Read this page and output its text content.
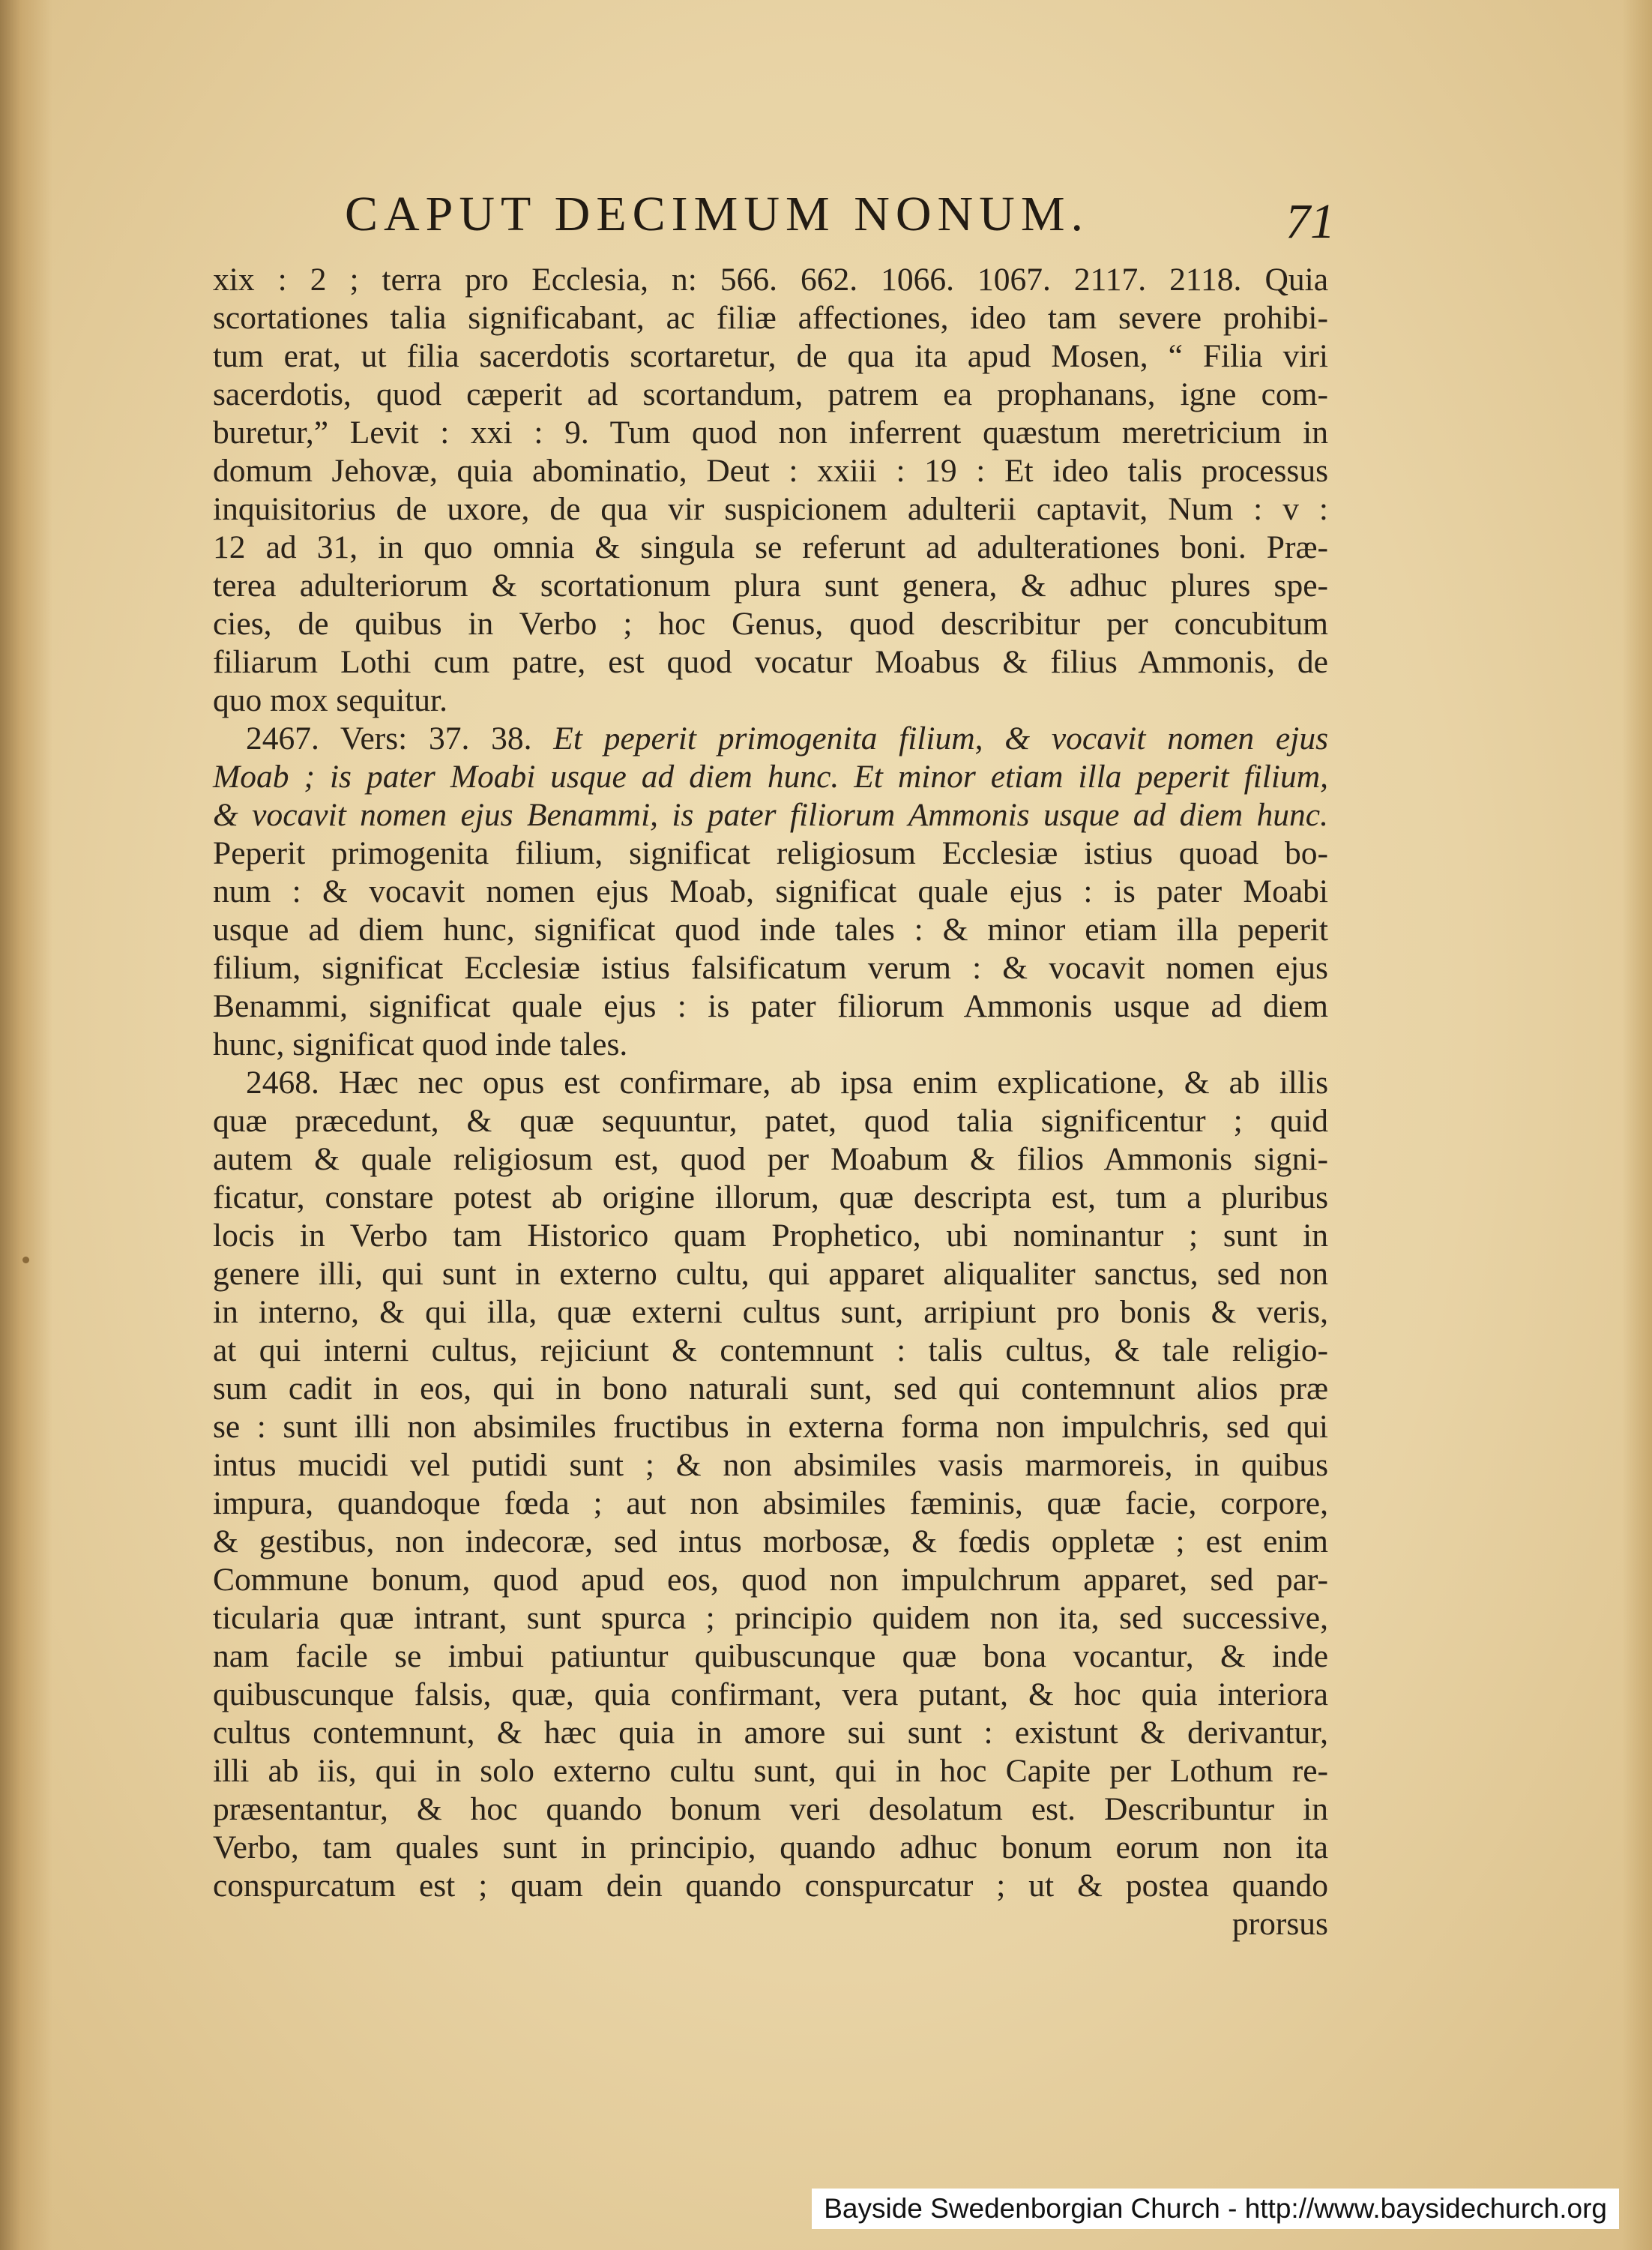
CAPUT DECIMUM NONUM.	71
xix : 2 ; terra pro Ecclesia, n: 566. 662. 1066. 1067. 2117. 2118. Quia
scortationes talia significabant, ac filiæ affectiones, ideo tam severe prohibi-
tum erat, ut filia sacerdotis scortaretur, de qua ita apud Mosen, “ Filia viri
sacerdotis, quod cæperit ad scortandum, patrem ea prophanans, igne com-
buretur,” Levit : xxi : 9. Tum quod non inferrent quæstum meretricium in
domum Jehovæ, quia abominatio, Deut : xxiii : 19 : Et ideo talis processus
inquisitorius de uxore, de qua vir suspicionem adulterii captavit, Num : v :
12 ad 31, in quo omnia & singula se referunt ad adulterationes boni. Præ-
terea adulteriorum & scortationum plura sunt genera, & adhuc plures spe-
cies, de quibus in Verbo ; hoc Genus, quod describitur per concubitum
filiarum Lothi cum patre, est quod vocatur Moabus & filius Ammonis, de
quo mox sequitur.
2467. Vers: 37. 38. Et peperit primogenita filium, & vocavit nomen ejus
Moab ; is pater Moabi usque ad diem hunc. Et minor etiam illa peperit filium,
& vocavit nomen ejus Benammi, is pater filiorum Ammonis usque ad diem hunc.
Peperit primogenita filium, significat religiosum Ecclesiæ istius quoad bo-
num : & vocavit nomen ejus Moab, significat quale ejus : is pater Moabi
usque ad diem hunc, significat quod inde tales : & minor etiam illa peperit
filium, significat Ecclesiæ istius falsificatum verum : & vocavit nomen ejus
Benammi, significat quale ejus : is pater filiorum Ammonis usque ad diem
hunc, significat quod inde tales.
2468. Hæc nec opus est confirmare, ab ipsa enim explicatione, & ab illis
quæ præcedunt, & quæ sequuntur, patet, quod talia significentur ; quid
autem & quale religiosum est, quod per Moabum & filios Ammonis signi-
ficatur, constare potest ab origine illorum, quæ descripta est, tum a pluribus
locis in Verbo tam Historico quam Prophetico, ubi nominantur ; sunt in
genere illi, qui sunt in externo cultu, qui apparet aliqualiter sanctus, sed non
in interno, & qui illa, quæ externi cultus sunt, arripiunt pro bonis & veris,
at qui interni cultus, rejiciunt & contemnunt : talis cultus, & tale religio-
sum cadit in eos, qui in bono naturali sunt, sed qui contemnunt alios præ
se : sunt illi non absimiles fructibus in externa forma non impulchris, sed qui
intus mucidi vel putidi sunt ; & non absimiles vasis marmoreis, in quibus
impura, quandoque fœda ; aut non absimiles fæminis, quæ facie, corpore,
& gestibus, non indecoræ, sed intus morbosæ, & fœdis oppletæ ; est enim
Commune bonum, quod apud eos, quod non impulchrum apparet, sed par-
ticularia quæ intrant, sunt spurca ; principio quidem non ita, sed successive,
nam facile se imbui patiuntur quibuscunque quæ bona vocantur, & inde
quibuscunque falsis, quæ, quia confirmant, vera putant, & hoc quia interiora
cultus contemnunt, & hæc quia in amore sui sunt : existunt & derivantur,
illi ab iis, qui in solo externo cultu sunt, qui in hoc Capite per Lothum re-
præsentantur, & hoc quando bonum veri desolatum est. Describuntur in
Verbo, tam quales sunt in principio, quando adhuc bonum eorum non ita
conspurcatum est ; quam dein quando conspurcatur ; ut & postea quando
prorsus
Bayside Swedenborgian Church - http://www.baysidechurch.org
